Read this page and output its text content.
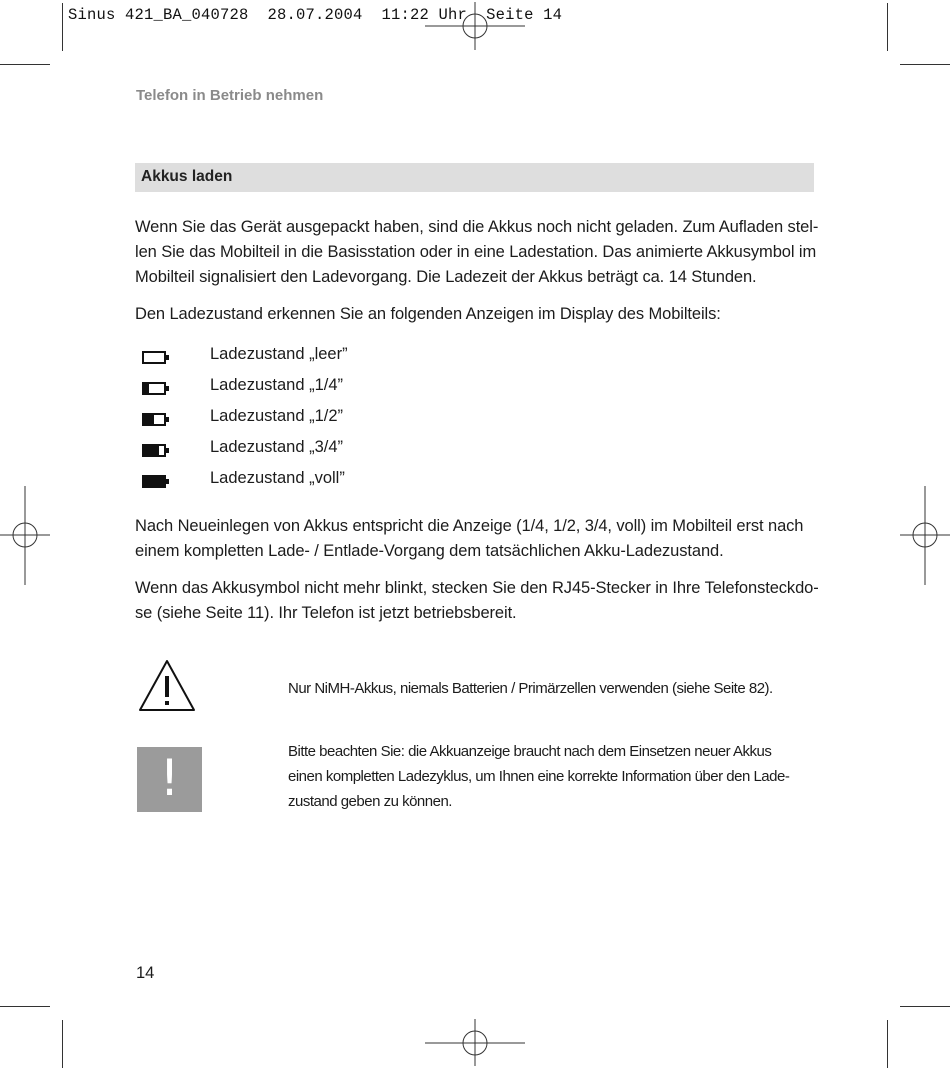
Sinus 421_BA_040728  28.07.2004  11:22 Uhr  Seite 14
Telefon in Betrieb nehmen
Akkus laden
Wenn Sie das Gerät ausgepackt haben, sind die Akkus noch nicht geladen. Zum Aufladen stel-
len Sie das Mobilteil in die Basisstation oder in eine Ladestation. Das animierte Akkusymbol im
Mobilteil signalisiert den Ladevorgang. Die Ladezeit der Akkus beträgt ca. 14 Stunden.
Den Ladezustand erkennen Sie an folgenden Anzeigen im Display des Mobilteils:
Ladezustand „leer”
Ladezustand „1/4”
Ladezustand „1/2”
Ladezustand „3/4”
Ladezustand „voll”
Nach Neueinlegen von Akkus entspricht die Anzeige (1/4, 1/2, 3/4, voll) im Mobilteil erst nach
einem kompletten Lade- / Entlade-Vorgang dem tatsächlichen Akku-Ladezustand.
Wenn das Akkusymbol nicht mehr blinkt, stecken Sie den RJ45-Stecker in Ihre Telefonsteckdo-
se (siehe Seite 11). Ihr Telefon ist jetzt betriebsbereit.
Nur NiMH-Akkus, niemals Batterien / Primärzellen verwenden (siehe Seite 82).
!	Bitte beachten Sie: die Akkuanzeige braucht nach dem Einsetzen neuer Akkus
einen kompletten Ladezyklus, um Ihnen eine korrekte Information über den Lade-
zustand geben zu können.
14
